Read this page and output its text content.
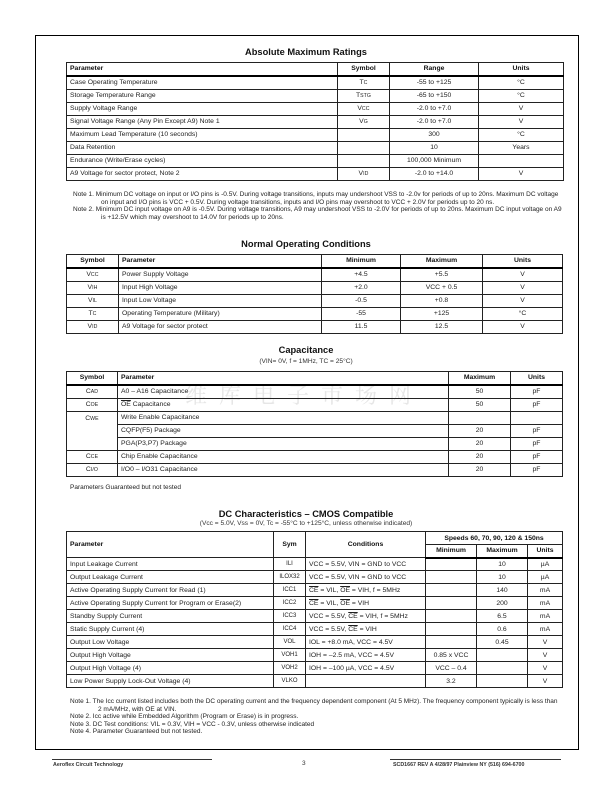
维库电子市场网
Absolute Maximum Ratings
Parameter	Symbol	Range	Units
Case Operating Temperature	TC	-55 to +125	°C
Storage Temperature Range	TSTG	-65 to +150	°C
Supply Voltage Range	VCC	-2.0 to +7.0	V
Signal Voltage Range (Any Pin Except A9) Note 1	VG	-2.0 to +7.0	V
Maximum Lead Temperature (10 seconds)		300	°C
Data Retention		10	Years
Endurance (Write/Erase cycles)		100,000 Minimum	
A9 Voltage for sector protect, Note 2	VID	-2.0 to +14.0	V
Note 1. Minimum DC voltage on input or I/O pins is -0.5V. During voltage transitions, inputs may undershoot VSS to -2.0v for periods of up to 20ns. Maximum DC voltage on input and I/O pins is VCC + 0.5V. During voltage transitions, inputs and I/O pins may overshoot to VCC + 2.0V for periods up to 20 ns.
Note 2. Minimum DC input voltage on A9 is -0.5V. During voltage transitions, A9 may undershoot VSS to -2.0V for periods of up to 20ns. Maximum DC input voltage on A9 is +12.5V which may overshoot to 14.0V for periods up to 20ns.
Normal Operating Conditions
Symbol	Parameter	Minimum	Maximum	Units
VCC	Power Supply Voltage	+4.5	+5.5	V
VIH	Input High Voltage	+2.0	VCC + 0.5	V
VIL	Input Low Voltage	-0.5	+0.8	V
TC	Operating Temperature (Military)	-55	+125	°C
VID	A9 Voltage for sector protect	11.5	12.5	V
Capacitance
(VIN= 0V, f = 1MHz, TC = 25°C)
Symbol	Parameter	Maximum	Units
CAD	A0 – A16 Capacitance	50	pF
COE	$\overline{OE}$ Capacitance	50	pF
CWE	Write Enable Capacitance		
	CQFP(F5) Package	20	pF
	PGA(P3,P7) Package	20	pF
CCE	Chip Enable Capacitance	20	pF
CI/O	I/O0 – I/O31 Capacitance	20	pF
Parameters Guaranteed but not tested
DC Characteristics – CMOS Compatible
(Vcc = 5.0V, Vss = 0V, Tc = -55°C to +125°C, unless otherwise indicated)
Parameter	Sym	Conditions	Speeds 60, 70, 90, 120 & 150ns		
			Minimum	Maximum	Units
Input Leakage Current	ILI	VCC = 5.5V, VIN = GND to VCC		10	µA
Output Leakage Current	ILOX32	VCC = 5.5V, VIN = GND to VCC		10	µA
Active Operating Supply Current for Read (1)	ICC1	$\overline{CE}$ = VIL, $\overline{OE}$ = VIH, f = 5MHz		140	mA
Active Operating Supply Current for Program or Erase(2)	ICC2	$\overline{CE}$ = VIL, $\overline{OE}$ = VIH		200	mA
Standby Supply Current	ICC3	VCC = 5.5V, $\overline{CE}$ = VIH, f = 5MHz		6.5	mA
Static Supply Current (4)	ICC4	VCC = 5.5V, $\overline{CE}$ = VIH		0.6	mA
Output Low Voltage	VOL	IOL = +8.0 mA, VCC = 4.5V		0.45	V
Output High Voltage	VOH1	IOH = –2.5 mA, VCC = 4.5V	0.85 x VCC		V
Output High Voltage (4)	VOH2	IOH = –100 µA, VCC = 4.5V	VCC – 0.4		V
Low Power Supply Lock-Out Voltage (4)	VLKO		3.2		V
Note 1. The Icc current listed includes both the DC operating current and the frequency dependent component (At 5 MHz). The frequency component typically is less than 2 mA/MHz, with OE at VIN.
Note 2. Icc active while Embedded Algorithm (Program or Erase) is in progress.
Note 3. DC Test conditions: VIL = 0.3V, VIH = VCC - 0.3V, unless otherwise indicated
Note 4. Parameter Guaranteed but not tested.
Aeroflex Circuit Technology	3	SCD1667 REV A 4/28/97 Plainview NY (516) 694-6700
